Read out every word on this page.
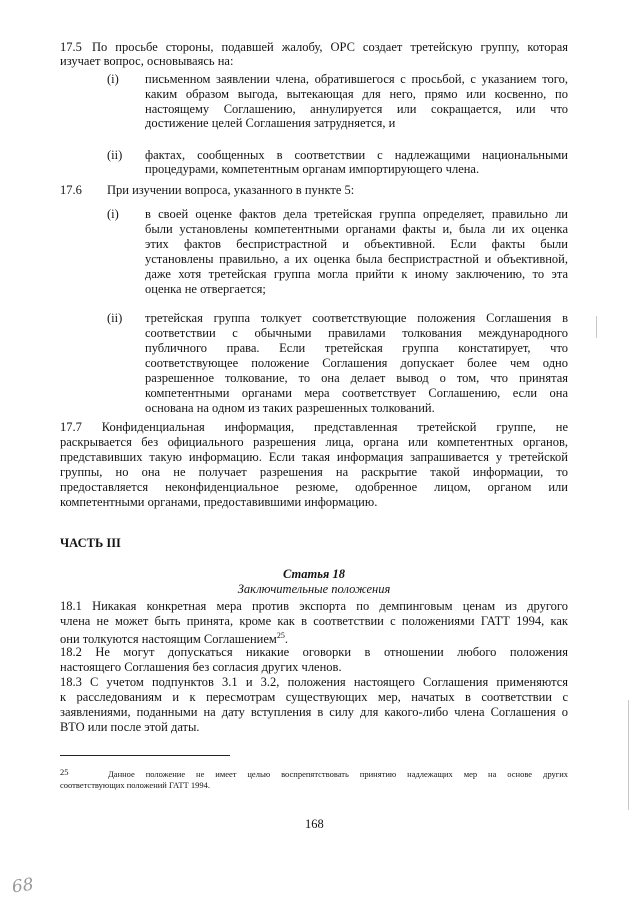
17.5 По просьбе стороны, подавшей жалобу, ОРС создает третейскую группу, которая
изучает вопрос, основываясь на:
(i) письменном заявлении члена, обратившегося с просьбой, с указанием того,
каким образом выгода, вытекающая для него, прямо или косвенно, по
настоящему Соглашению, аннулируется или сокращается, или что
достижение целей Соглашения затрудняется, и
(ii) фактах, сообщенных в соответствии с надлежащими национальными
процедурами, компетентным органам импортирующего члена.
17.6 При изучении вопроса, указанного в пункте 5:
(i) в своей оценке фактов дела третейская группа определяет, правильно ли
были установлены компетентными органами факты и, была ли их оценка
этих фактов беспристрастной и объективной. Если факты были
установлены правильно, а их оценка была беспристрастной и объективной,
даже хотя третейская группа могла прийти к иному заключению, то эта
оценка не отвергается;
(ii) третейская группа толкует соответствующие положения Соглашения в
соответствии с обычными правилами толкования международного
публичного права. Если третейская группа констатирует, что
соответствующее положение Соглашения допускает более чем одно
разрешенное толкование, то она делает вывод о том, что принятая
компетентными органами мера соответствует Соглашению, если она
основана на одном из таких разрешенных толкований.
17.7 Конфиденциальная информация, представленная третейской группе, не
раскрывается без официального разрешения лица, органа или компетентных органов,
представивших такую информацию. Если такая информация запрашивается у третейской
группы, но она не получает разрешения на раскрытие такой информации, то
предоставляется неконфиденциальное резюме, одобренное лицом, органом или
компетентными органами, предоставившими информацию.
ЧАСТЬ III
Статья 18
Заключительные положения
18.1 Никакая конкретная мера против экспорта по демпинговым ценам из другого
члена не может быть принята, кроме как в соответствии с положениями ГАТТ 1994, как
они толкуются настоящим Соглашением$^{25}$.
18.2 Не могут допускаться никакие оговорки в отношении любого положения
настоящего Соглашения без согласия других членов.
18.3 С учетом подпунктов 3.1 и 3.2, положения настоящего Соглашения применяются
к расследованиям и к пересмотрам существующих мер, начатых в соответствии с
заявлениями, поданными на дату вступления в силу для какого-либо члена Соглашения о
ВТО или после этой даты.
25	Данное положение не имеет целью воспрепятствовать принятию надлежащих мер на основе других
соответствующих положений ГАТТ 1994.
168
68
